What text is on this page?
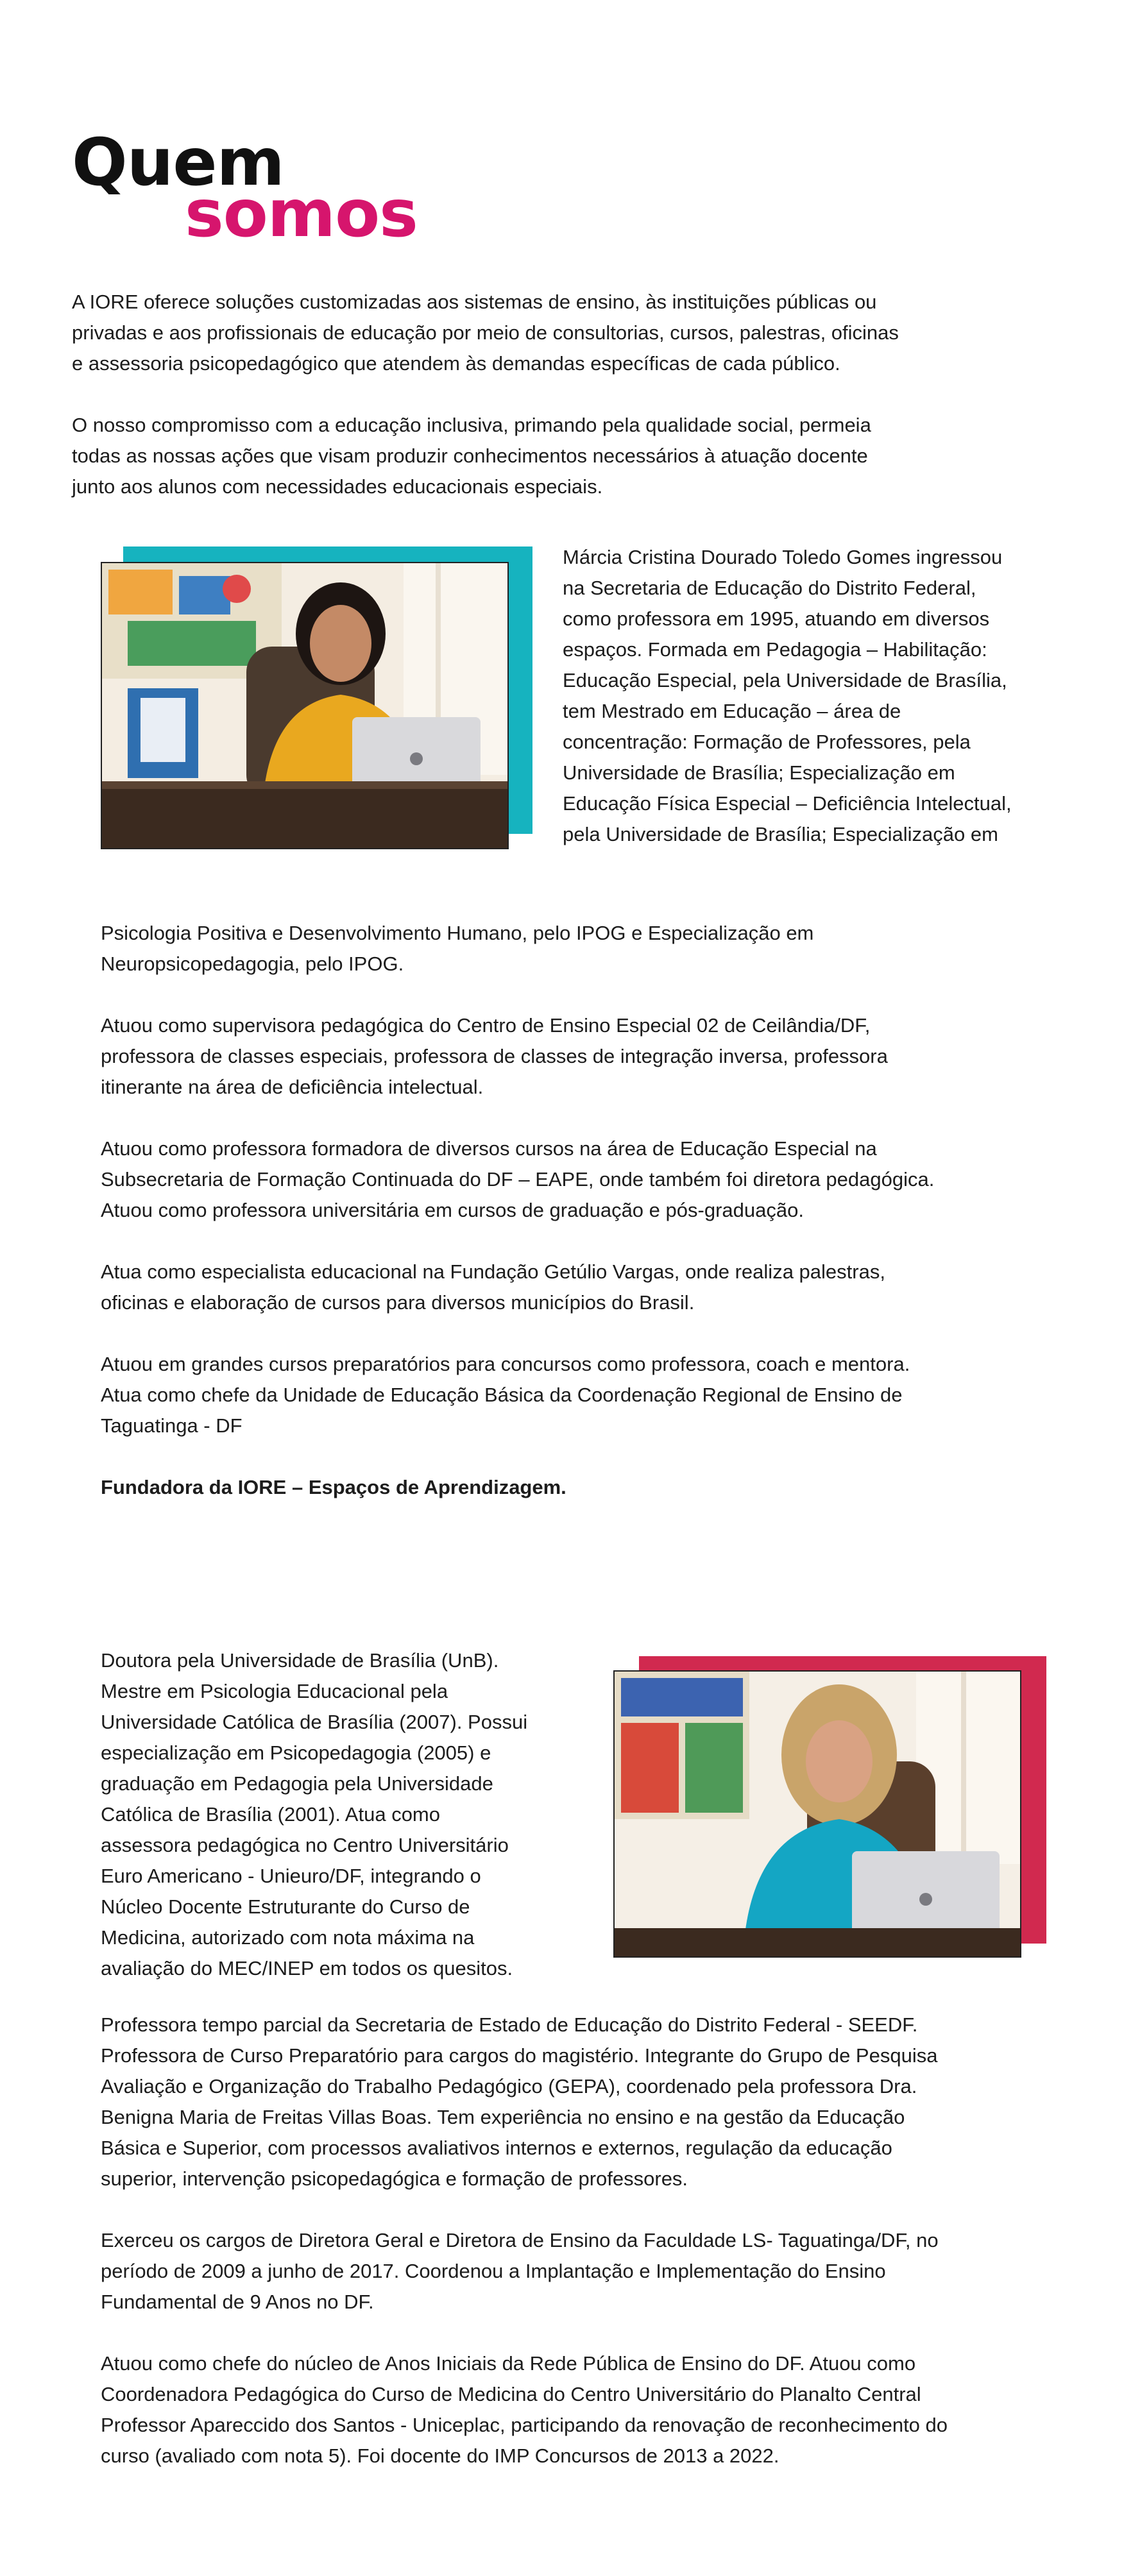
Quem
somos

A IORE oferece soluções customizadas aos sistemas de ensino, às instituições públicas ou
privadas e aos profissionais de educação por meio de consultorias, cursos, palestras, oficinas
e assessoria psicopedagógico que atendem às demandas específicas de cada público.

O nosso compromisso com a educação inclusiva, primando pela qualidade social, permeia
todas as nossas ações que visam produzir conhecimentos necessários à atuação docente
junto aos alunos com necessidades educacionais especiais.

Márcia Cristina Dourado Toledo Gomes ingressou
na Secretaria de Educação do Distrito Federal,
como professora em 1995, atuando em diversos
espaços. Formada em Pedagogia – Habilitação:
Educação Especial, pela Universidade de Brasília,
tem Mestrado em Educação – área de
concentração: Formação de Professores, pela
Universidade de Brasília; Especialização em
Educação Física Especial – Deficiência Intelectual,
pela Universidade de Brasília; Especialização em

Psicologia Positiva e Desenvolvimento Humano, pelo IPOG e Especialização em
Neuropsicopedagogia, pelo IPOG.

Atuou como supervisora pedagógica do Centro de Ensino Especial 02 de Ceilândia/DF,
professora de classes especiais, professora de classes de integração inversa, professora
itinerante na área de deficiência intelectual.

Atuou como professora formadora de diversos cursos na área de Educação Especial na
Subsecretaria de Formação Continuada do DF – EAPE, onde também foi diretora pedagógica.
Atuou como professora universitária em cursos de graduação e pós-graduação.

Atua como especialista educacional na Fundação Getúlio Vargas, onde realiza palestras,
oficinas e elaboração de cursos para diversos municípios do Brasil.

Atuou em grandes cursos preparatórios para concursos como professora, coach e mentora.
Atua como chefe da Unidade de Educação Básica da Coordenação Regional de Ensino de
Taguatinga - DF

Fundadora da IORE – Espaços de Aprendizagem.

Doutora pela Universidade de Brasília (UnB).
Mestre em Psicologia Educacional pela
Universidade Católica de Brasília (2007). Possui
especialização em Psicopedagogia (2005) e
graduação em Pedagogia pela Universidade
Católica de Brasília (2001). Atua como
assessora pedagógica no Centro Universitário
Euro Americano - Unieuro/DF, integrando o
Núcleo Docente Estruturante do Curso de
Medicina, autorizado com nota máxima na
avaliação do MEC/INEP em todos os quesitos.

Professora tempo parcial da Secretaria de Estado de Educação do Distrito Federal - SEEDF.
Professora de Curso Preparatório para cargos do magistério. Integrante do Grupo de Pesquisa
Avaliação e Organização do Trabalho Pedagógico (GEPA), coordenado pela professora Dra.
Benigna Maria de Freitas Villas Boas. Tem experiência no ensino e na gestão da Educação
Básica e Superior, com processos avaliativos internos e externos, regulação da educação
superior, intervenção psicopedagógica e formação de professores.

Exerceu os cargos de Diretora Geral e Diretora de Ensino da Faculdade LS- Taguatinga/DF, no
período de 2009 a junho de 2017. Coordenou a Implantação e Implementação do Ensino
Fundamental de 9 Anos no DF.

Atuou como chefe do núcleo de Anos Iniciais da Rede Pública de Ensino do DF. Atuou como
Coordenadora Pedagógica do Curso de Medicina do Centro Universitário do Planalto Central
Professor Apareccido dos Santos - Uniceplac, participando da renovação de reconhecimento do
curso (avaliado com nota 5). Foi docente do IMP Concursos de 2013 a 2022.
